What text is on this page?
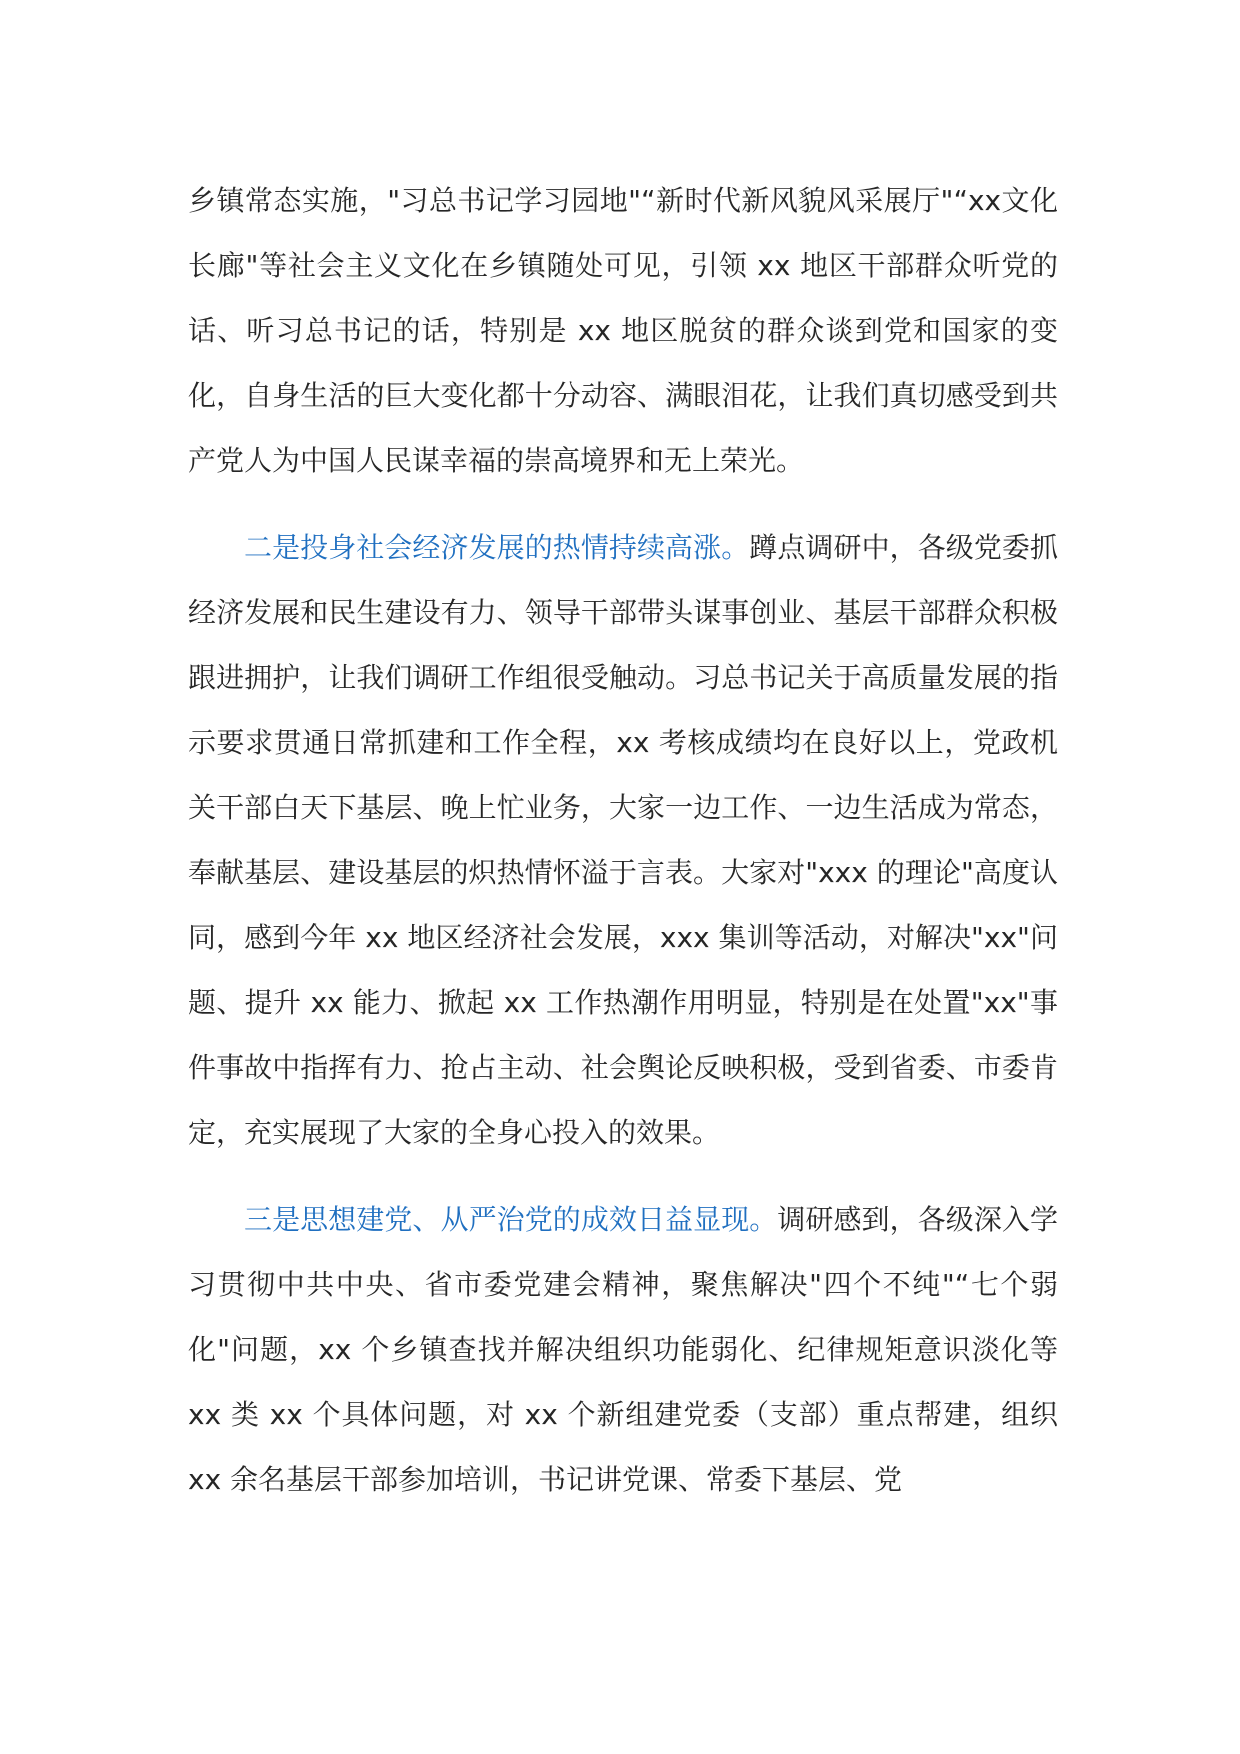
乡镇常态实施，"习总书记学习园地"“新时代新风貌风采展厅"“xx文化长廊"等社会主义文化在乡镇随处可见，引领 xx 地区干部群众听党的话、听习总书记的话，特别是 xx 地区脱贫的群众谈到党和国家的变化，自身生活的巨大变化都十分动容、满眼泪花，让我们真切感受到共产党人为中国人民谋幸福的崇高境界和无上荣光。

二是投身社会经济发展的热情持续高涨。蹲点调研中，各级党委抓经济发展和民生建设有力、领导干部带头谋事创业、基层干部群众积极跟进拥护，让我们调研工作组很受触动。习总书记关于高质量发展的指示要求贯通日常抓建和工作全程，xx 考核成绩均在良好以上，党政机关干部白天下基层、晚上忙业务，大家一边工作、一边生活成为常态，奉献基层、建设基层的炽热情怀溢于言表。大家对"xxx 的理论"高度认同，感到今年 xx 地区经济社会发展，xxx 集训等活动，对解决"xx"问题、提升 xx 能力、掀起 xx 工作热潮作用明显，特别是在处置"xx"事件事故中指挥有力、抢占主动、社会舆论反映积极，受到省委、市委肯定，充实展现了大家的全身心投入的效果。

三是思想建党、从严治党的成效日益显现。调研感到，各级深入学习贯彻中共中央、省市委党建会精神，聚焦解决"四个不纯"“七个弱化"问题，xx 个乡镇查找并解决组织功能弱化、纪律规矩意识淡化等 xx 类 xx 个具体问题，对 xx 个新组建党委（支部）重点帮建，组织 xx 余名基层干部参加培训，书记讲党课、常委下基层、党
